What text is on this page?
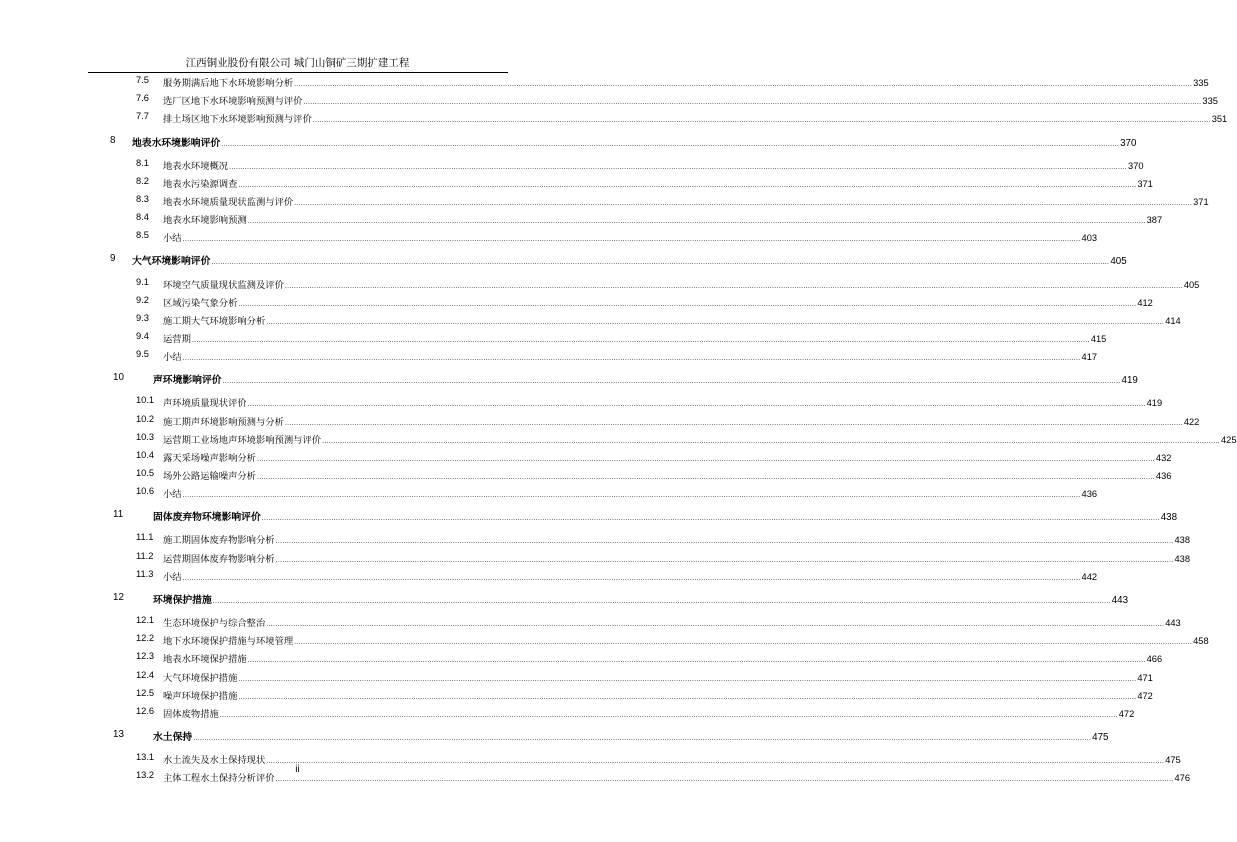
江西铜业股份有限公司 城门山铜矿三期扩建工程
7.5 服务期满后地下水环境影响分析 ................................................................................................................................................................................................................................................................................................................................................................................................................ 335
7.6 选厂区地下水环境影响预测与评价 ................................................................................................................................................................................................................................................................................................................................................................................................................ 335
7.7 排土场区地下水环境影响预测与评价 ................................................................................................................................................................................................................................................................................................................................................................................................................ 351
8 地表水环境影响评价 ................................................................................................................................................................................................................................................................................................................................................................................................................ 370
8.1 地表水环境概况 ................................................................................................................................................................................................................................................................................................................................................................................................................ 370
8.2 地表水污染源调查 ................................................................................................................................................................................................................................................................................................................................................................................................................ 371
8.3 地表水环境质量现状监测与评价 ................................................................................................................................................................................................................................................................................................................................................................................................................ 371
8.4 地表水环境影响预测 ................................................................................................................................................................................................................................................................................................................................................................................................................ 387
8.5 小结 ................................................................................................................................................................................................................................................................................................................................................................................................................ 403
9 大气环境影响评价 ................................................................................................................................................................................................................................................................................................................................................................................................................ 405
9.1 环境空气质量现状监测及评价 ................................................................................................................................................................................................................................................................................................................................................................................................................ 405
9.2 区域污染气象分析 ................................................................................................................................................................................................................................................................................................................................................................................................................ 412
9.3 施工期大气环境影响分析 ................................................................................................................................................................................................................................................................................................................................................................................................................ 414
9.4 运营期 ................................................................................................................................................................................................................................................................................................................................................................................................................ 415
9.5 小结 ................................................................................................................................................................................................................................................................................................................................................................................................................ 417
10	声环境影响评价 ................................................................................................................................................................................................................................................................................................................................................................................................................ 419
10.1 声环境质量现状评价 ................................................................................................................................................................................................................................................................................................................................................................................................................ 419
10.2 施工期声环境影响预测与分析 ................................................................................................................................................................................................................................................................................................................................................................................................................ 422
10.3 运营期工业场地声环境影响预测与评价 ................................................................................................................................................................................................................................................................................................................................................................................................................ 425
10.4 露天采场噪声影响分析 ................................................................................................................................................................................................................................................................................................................................................................................................................ 432
10.5 场外公路运输噪声分析 ................................................................................................................................................................................................................................................................................................................................................................................................................ 436
10.6 小结 ................................................................................................................................................................................................................................................................................................................................................................................................................ 436
11	固体废弃物环境影响评价 ................................................................................................................................................................................................................................................................................................................................................................................................................ 438
11.1 施工期固体废弃物影响分析 ................................................................................................................................................................................................................................................................................................................................................................................................................ 438
11.2 运营期固体废弃物影响分析 ................................................................................................................................................................................................................................................................................................................................................................................................................ 438
11.3 小结 ................................................................................................................................................................................................................................................................................................................................................................................................................ 442
12	环境保护措施 ................................................................................................................................................................................................................................................................................................................................................................................................................ 443
12.1 生态环境保护与综合整治 ................................................................................................................................................................................................................................................................................................................................................................................................................ 443
12.2 地下水环境保护措施与环境管理 ................................................................................................................................................................................................................................................................................................................................................................................................................ 458
12.3 地表水环境保护措施 ................................................................................................................................................................................................................................................................................................................................................................................................................ 466
12.4 大气环境保护措施 ................................................................................................................................................................................................................................................................................................................................................................................................................ 471
12.5 噪声环境保护措施 ................................................................................................................................................................................................................................................................................................................................................................................................................ 472
12.6 固体废物措施 ................................................................................................................................................................................................................................................................................................................................................................................................................ 472
13	水土保持 ................................................................................................................................................................................................................................................................................................................................................................................................................ 475
13.1 水土流失及水土保持现状 ................................................................................................................................................................................................................................................................................................................................................................................................................ 475
13.2 主体工程水土保持分析评价 ................................................................................................................................................................................................................................................................................................................................................................................................................ 476
ii
